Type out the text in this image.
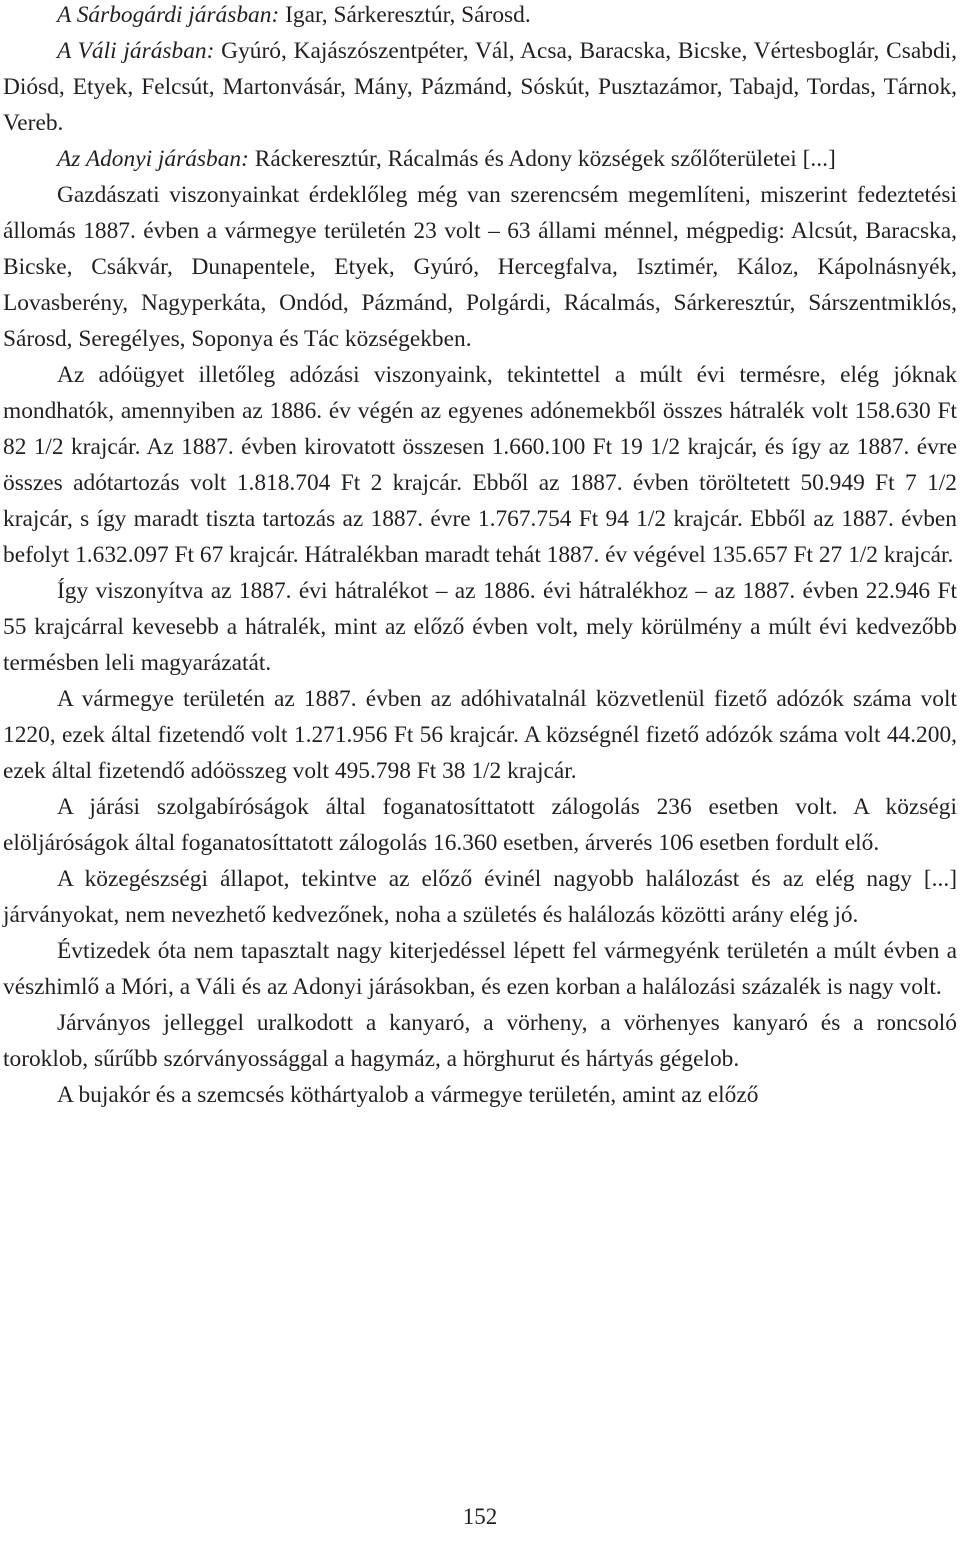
A Sárbogárdi járásban: Igar, Sárkeresztúr, Sárosd.

A Váli járásban: Gyúró, Kajászószentpéter, Vál, Acsa, Baracska, Bicske, Vértesboglár, Csabdi, Diósd, Etyek, Felcsút, Martonvásár, Mány, Pázmánd, Sóskút, Pusztazámor, Tabajd, Tordas, Tárnok, Vereb.

Az Adonyi járásban: Ráckeresztúr, Rácalmás és Adony községek szőlőterületei [...]

Gazdászati viszonyainkat érdeklőleg még van szerencsém megemlíteni, miszerint fedeztetési állomás 1887. évben a vármegye területén 23 volt – 63 állami ménnel, mégpedig: Alcsút, Baracska, Bicske, Csákvár, Dunapentele, Etyek, Gyúró, Hercegfalva, Isztimér, Káloz, Kápolnásnyék, Lovasberény, Nagyperkáta, Ondód, Pázmánd, Polgárdi, Rácalmás, Sárkeresztúr, Sárszentmiklós, Sárosd, Seregélyes, Soponya és Tác községekben.

Az adóügyet illetőleg adózási viszonyaink, tekintettel a múlt évi termésre, elég jóknak mondhatók, amennyiben az 1886. év végén az egyenes adónemekből összes hátralék volt 158.630 Ft 82 1/2 krajcár. Az 1887. évben kirovatott összesen 1.660.100 Ft 19 1/2 krajcár, és így az 1887. évre összes adótartozás volt 1.818.704 Ft 2 krajcár. Ebből az 1887. évben töröltetett 50.949 Ft 7 1/2 krajcár, s így maradt tiszta tartozás az 1887. évre 1.767.754 Ft 94 1/2 krajcár. Ebből az 1887. évben befolyt 1.632.097 Ft 67 krajcár. Hátralékban maradt tehát 1887. év végével 135.657 Ft 27 1/2 krajcár.

Így viszonyítva az 1887. évi hátralékot – az 1886. évi hátralékhoz – az 1887. évben 22.946 Ft 55 krajcárral kevesebb a hátralék, mint az előző évben volt, mely körülmény a múlt évi kedvezőbb termésben leli magyarázatát.

A vármegye területén az 1887. évben az adóhivatalnál közvetlenül fizető adózók száma volt 1220, ezek által fizetendő volt 1.271.956 Ft 56 krajcár. A községnél fizető adózók száma volt 44.200, ezek által fizetendő adóösszeg volt 495.798 Ft 38 1/2 krajcár.

A járási szolgabíróságok által foganatosíttatott zálogolás 236 esetben volt. A községi elöljáróságok által foganatosíttatott zálogolás 16.360 esetben, árverés 106 esetben fordult elő.

A közegészségi állapot, tekintve az előző évinél nagyobb halálozást és az elég nagy [...] járványokat, nem nevezhető kedvezőnek, noha a születés és halálozás közötti arány elég jó.

Évtizedek óta nem tapasztalt nagy kiterjedéssel lépett fel vármegyénk területén a múlt évben a vészhimlő a Móri, a Váli és az Adonyi járásokban, és ezen korban a halálozási százalék is nagy volt.

Járványos jelleggel uralkodott a kanyaró, a vörheny, a vörhenyes kanyaró és a roncsoló toroklob, sűrűbb szórványossággal a hagymáz, a hörghurut és hártyás gégelob.

A bujakór és a szemcsés köthártyalob a vármegye területén, amint az előző

152
